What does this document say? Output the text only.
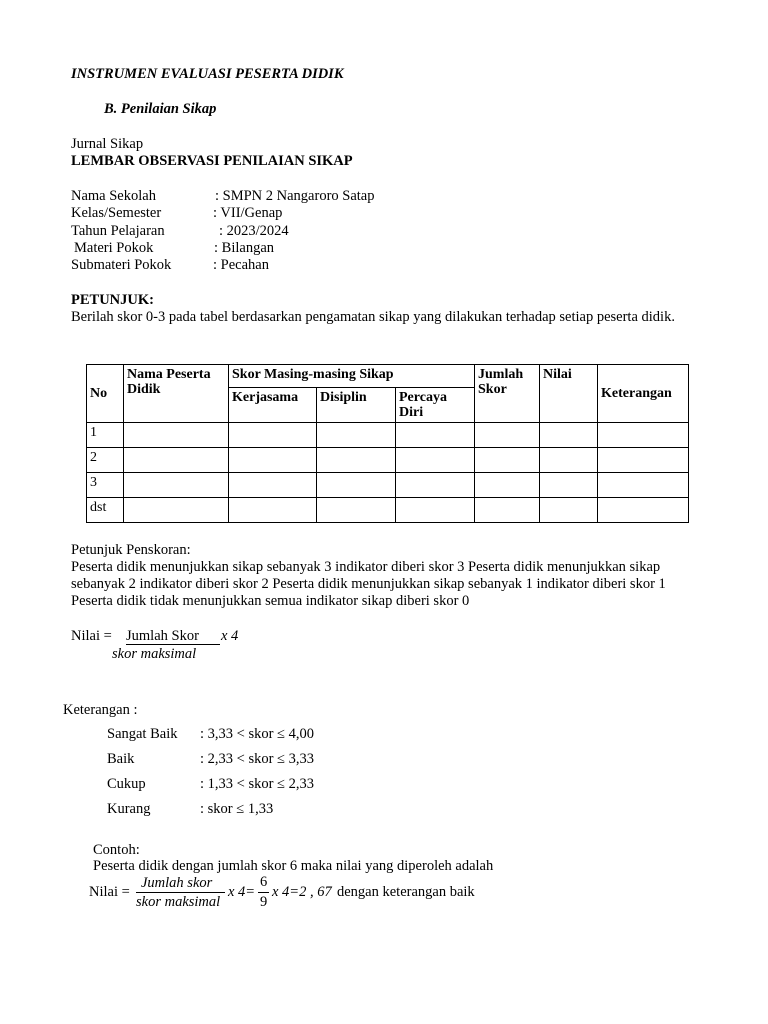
INSTRUMEN EVALUASI PESERTA DIDIK
B. Penilaian Sikap
Jurnal Sikap
LEMBAR OBSERVASI PENILAIAN SIKAP
Nama Sekolah	: SMPN 2 Nangaroro Satap
Kelas/Semester	: VII/Genap
Tahun Pelajaran	: 2023/2024
Materi Pokok	: Bilangan
Submateri Pokok	: Pecahan
PETUNJUK:
Berilah skor 0-3 pada tabel berdasarkan pengamatan sikap yang dilakukan terhadap setiap peserta didik.
No	Nama Peserta Didik	Skor Masing-masing Sikap			Jumlah Skor	Nilai	Keterangan
		Kerjasama	Disiplin	Percaya Diri			
1							
2							
3							
dst							
Petunjuk Penskoran:
Peserta didik menunjukkan sikap sebanyak 3 indikator diberi skor 3 Peserta didik menunjukkan sikap sebanyak 2 indikator diberi skor 2 Peserta didik menunjukkan sikap sebanyak 1 indikator diberi skor 1 Peserta didik tidak menunjukkan semua indikator sikap diberi skor 0
Nilai = Jumlah Skor x 4
skor maksimal
Keterangan :
Sangat Baik : 3,33 < skor ≤ 4,00
Baik	: 2,33 < skor ≤ 3,33
Cukup	: 1,33 < skor ≤ 2,33
Kurang	: skor ≤ 1,33
Contoh:
Peserta didik dengan jumlah skor 6 maka nilai yang diperoleh adalah
Nilai =
Jumlah skor
skor maksimal
x 4=
6
9
x 4=2 , 67 dengan keterangan baik
